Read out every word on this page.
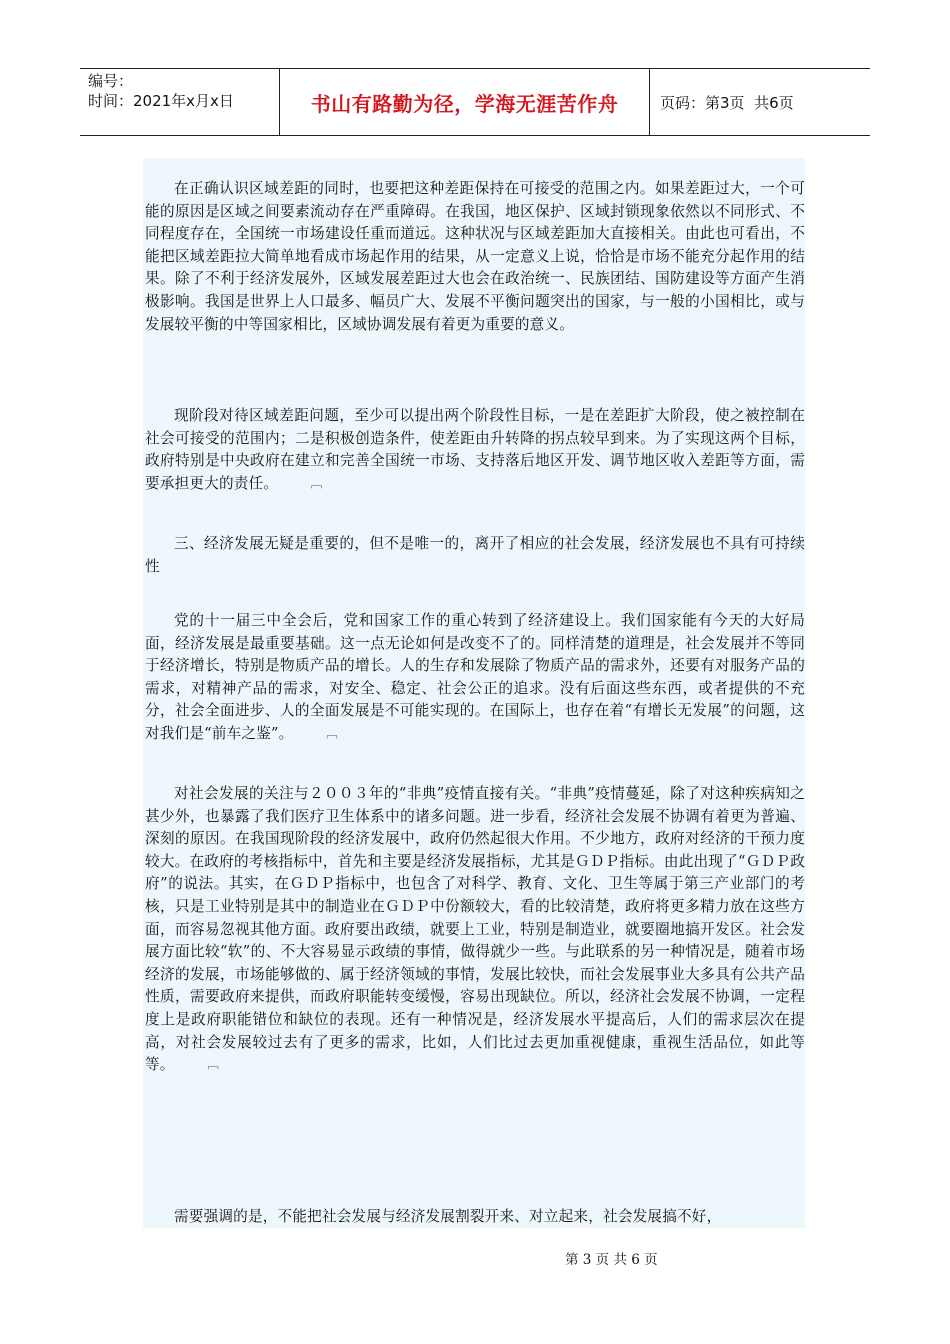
编号：
时间：2021年x月x日	书山有路勤为径，学海无涯苦作舟	页码：第3页  共6页
在正确认识区域差距的同时，也要把这种差距保持在可接受的范围之内。如果差距过大，一个可能的原因是区域之间要素流动存在严重障碍。在我国，地区保护、区域封锁现象依然以不同形式、不同程度存在，全国统一市场建设任重而道远。这种状况与区域差距加大直接相关。由此也可看出，不能把区域差距拉大简单地看成市场起作用的结果，从一定意义上说，恰恰是市场不能充分起作用的结果。除了不利于经济发展外，区域发展差距过大也会在政治统一、民族团结、国防建设等方面产生消极影响。我国是世界上人口最多、幅员广大、发展不平衡问题突出的国家，与一般的小国相比，或与发展较平衡的中等国家相比，区域协调发展有着更为重要的意义。
现阶段对待区域差距问题，至少可以提出两个阶段性目标，一是在差距扩大阶段，使之被控制在社会可接受的范围内；二是积极创造条件，使差距由升转降的拐点较早到来。为了实现这两个目标，政府特别是中央政府在建立和完善全国统一市场、支持落后地区开发、调节地区收入差距等方面，需要承担更大的责任。	﹇
三、经济发展无疑是重要的，但不是唯一的，离开了相应的社会发展，经济发展也不具有可持续性
党的十一届三中全会后，党和国家工作的重心转到了经济建设上。我们国家能有今天的大好局面，经济发展是最重要基础。这一点无论如何是改变不了的。同样清楚的道理是，社会发展并不等同于经济增长，特别是物质产品的增长。人的生存和发展除了物质产品的需求外，还要有对服务产品的需求，对精神产品的需求，对安全、稳定、社会公正的追求。没有后面这些东西，或者提供的不充分，社会全面进步、人的全面发展是不可能实现的。在国际上，也存在着“有增长无发展”的问题，这对我们是“前车之鉴”。	﹇
对社会发展的关注与２００３年的“非典”疫情直接有关。“非典”疫情蔓延，除了对这种疾病知之甚少外，也暴露了我们医疗卫生体系中的诸多问题。进一步看，经济社会发展不协调有着更为普遍、深刻的原因。在我国现阶段的经济发展中，政府仍然起很大作用。不少地方，政府对经济的干预力度较大。在政府的考核指标中，首先和主要是经济发展指标，尤其是ＧＤＰ指标。由此出现了“ＧＤＰ政府”的说法。其实，在ＧＤＰ指标中，也包含了对科学、教育、文化、卫生等属于第三产业部门的考核，只是工业特别是其中的制造业在ＧＤＰ中份额较大，看的比较清楚，政府将更多精力放在这些方面，而容易忽视其他方面。政府要出政绩，就要上工业，特别是制造业，就要圈地搞开发区。社会发展方面比较“软”的、不大容易显示政绩的事情，做得就少一些。与此联系的另一种情况是，随着市场经济的发展，市场能够做的、属于经济领域的事情，发展比较快，而社会发展事业大多具有公共产品性质，需要政府来提供，而政府职能转变缓慢，容易出现缺位。所以，经济社会发展不协调，一定程度上是政府职能错位和缺位的表现。还有一种情况是，经济发展水平提高后，人们的需求层次在提高，对社会发展较过去有了更多的需求，比如，人们比过去更加重视健康，重视生活品位，如此等等。	﹇
需要强调的是，不能把社会发展与经济发展割裂开来、对立起来，社会发展搞不好，
第 3 页 共 6 页
